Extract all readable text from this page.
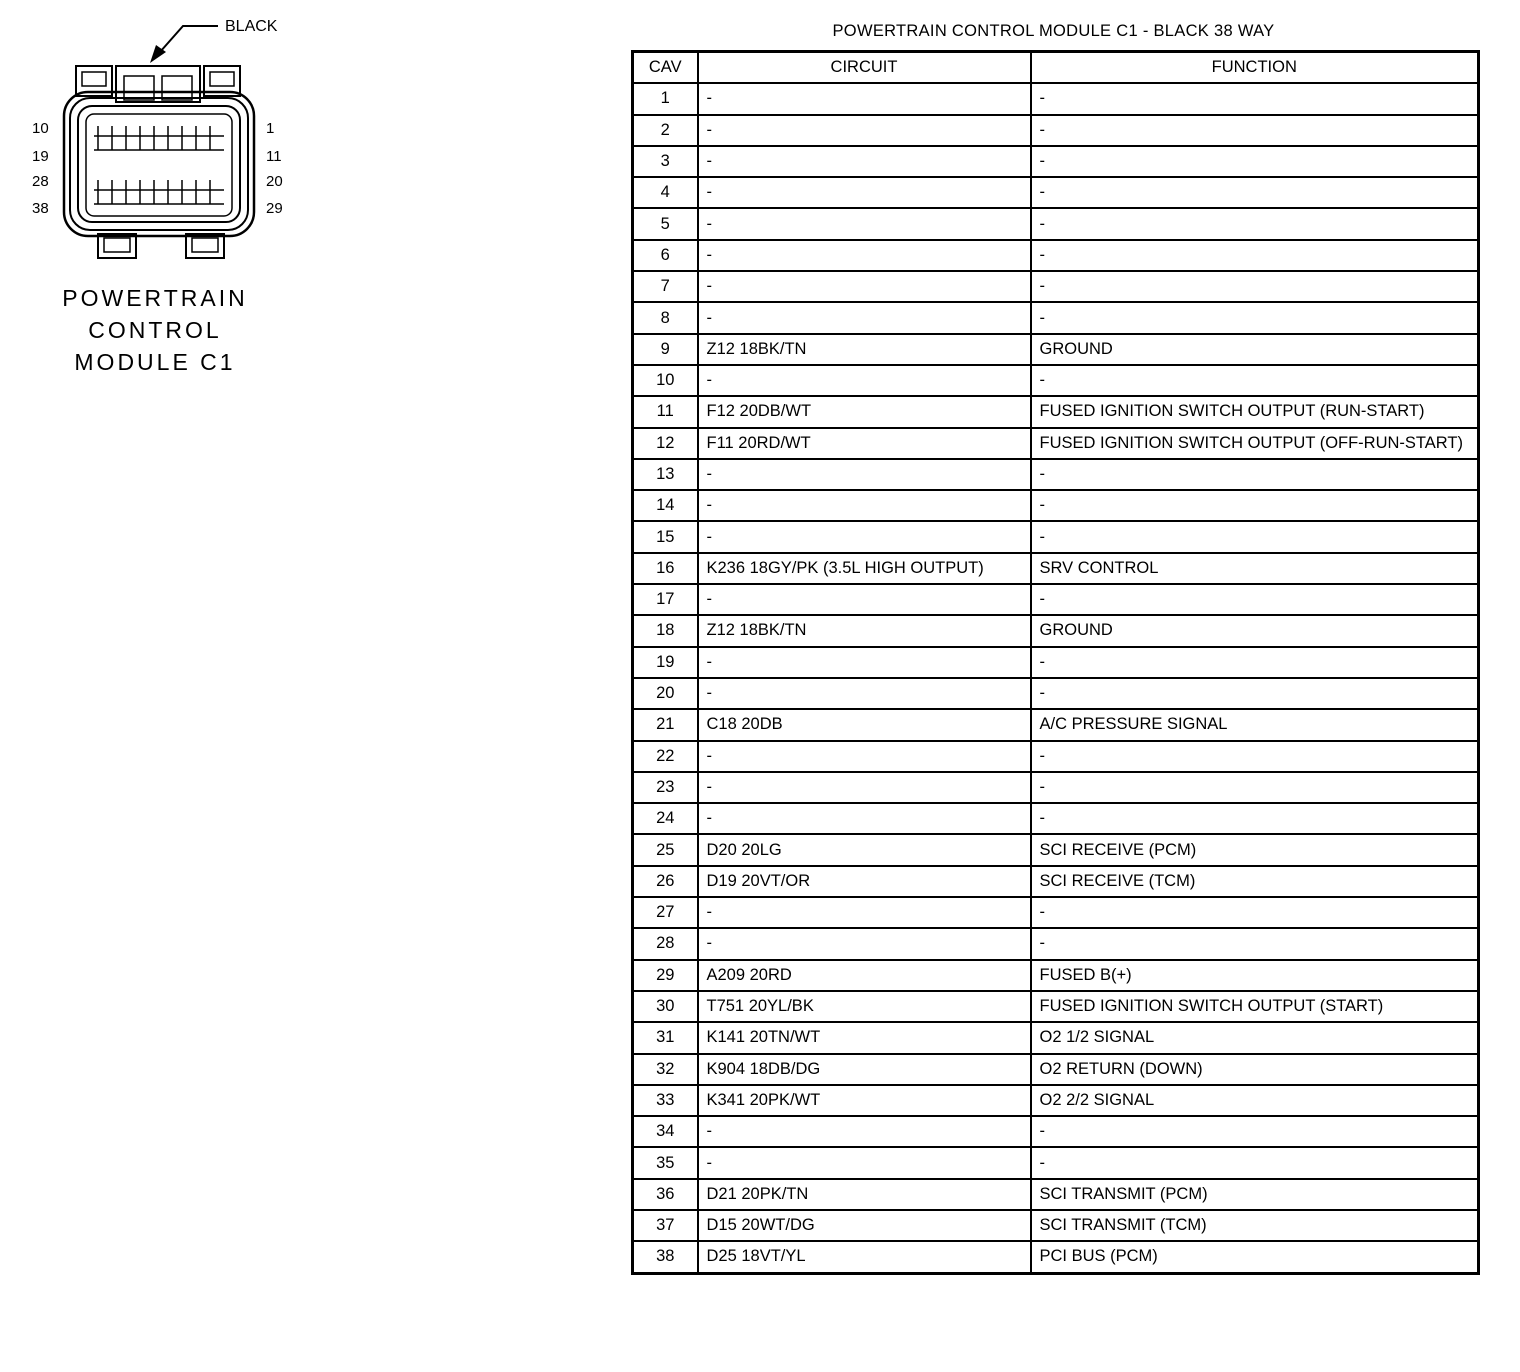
BLACK
10
19
28
38
1
11
20
29
POWERTRAIN
CONTROL
MODULE C1
POWERTRAIN CONTROL MODULE C1 - BLACK 38 WAY
CAV	CIRCUIT	FUNCTION
1	-	-
2	-	-
3	-	-
4	-	-
5	-	-
6	-	-
7	-	-
8	-	-
9	Z12 18BK/TN	GROUND
10	-	-
11	F12 20DB/WT	FUSED IGNITION SWITCH OUTPUT (RUN-START)
12	F11 20RD/WT	FUSED IGNITION SWITCH OUTPUT (OFF-RUN-START)
13	-	-
14	-	-
15	-	-
16	K236 18GY/PK (3.5L HIGH OUTPUT)	SRV CONTROL
17	-	-
18	Z12 18BK/TN	GROUND
19	-	-
20	-	-
21	C18 20DB	A/C PRESSURE SIGNAL
22	-	-
23	-	-
24	-	-
25	D20 20LG	SCI RECEIVE (PCM)
26	D19 20VT/OR	SCI RECEIVE (TCM)
27	-	-
28	-	-
29	A209 20RD	FUSED B(+)
30	T751 20YL/BK	FUSED IGNITION SWITCH OUTPUT (START)
31	K141 20TN/WT	O2 1/2 SIGNAL
32	K904 18DB/DG	O2 RETURN (DOWN)
33	K341 20PK/WT	O2 2/2 SIGNAL
34	-	-
35	-	-
36	D21 20PK/TN	SCI TRANSMIT (PCM)
37	D15 20WT/DG	SCI TRANSMIT (TCM)
38	D25 18VT/YL	PCI BUS (PCM)
